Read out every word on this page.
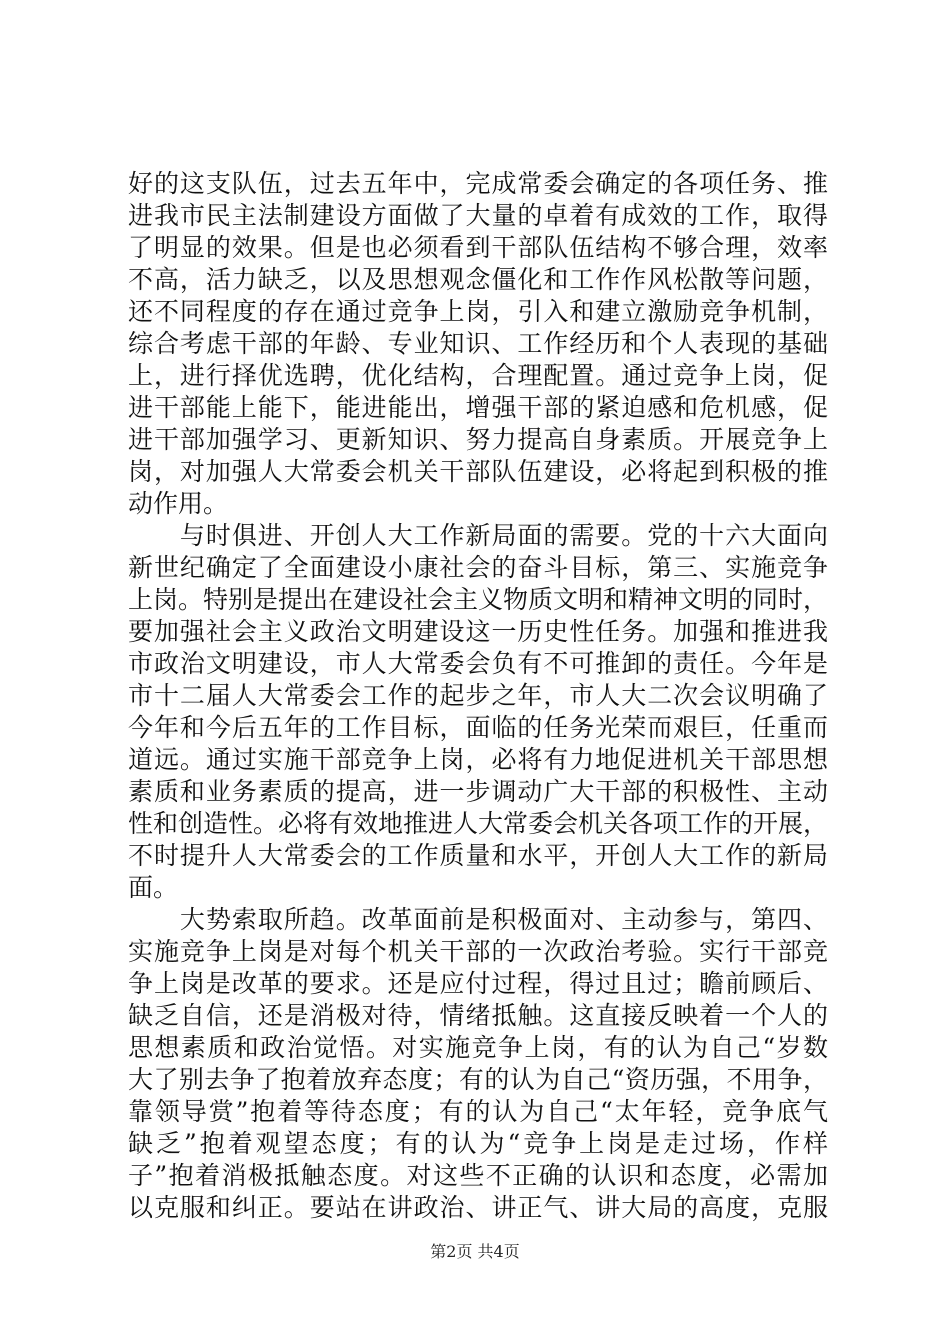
好的这支队伍，过去五年中，完成常委会确定的各项任务、推
进我市民主法制建设方面做了大量的卓着有成效的工作，取得
了明显的效果。但是也必须看到干部队伍结构不够合理，效率
不高，活力缺乏，以及思想观念僵化和工作作风松散等问题，
还不同程度的存在通过竞争上岗，引入和建立激励竞争机制，
综合考虑干部的年龄、专业知识、工作经历和个人表现的基础
上，进行择优选聘，优化结构，合理配置。通过竞争上岗，促
进干部能上能下，能进能出，增强干部的紧迫感和危机感，促
进干部加强学习、更新知识、努力提高自身素质。开展竞争上
岗，对加强人大常委会机关干部队伍建设，必将起到积极的推
动作用。
　　与时俱进、开创人大工作新局面的需要。党的十六大面向
新世纪确定了全面建设小康社会的奋斗目标，第三、实施竞争
上岗。特别是提出在建设社会主义物质文明和精神文明的同时，
要加强社会主义政治文明建设这一历史性任务。加强和推进我
市政治文明建设，市人大常委会负有不可推卸的责任。今年是
市十二届人大常委会工作的起步之年，市人大二次会议明确了
今年和今后五年的工作目标，面临的任务光荣而艰巨，任重而
道远。通过实施干部竞争上岗，必将有力地促进机关干部思想
素质和业务素质的提高，进一步调动广大干部的积极性、主动
性和创造性。必将有效地推进人大常委会机关各项工作的开展，
不时提升人大常委会的工作质量和水平，开创人大工作的新局
面。
　　大势索取所趋。改革面前是积极面对、主动参与，第四、
实施竞争上岗是对每个机关干部的一次政治考验。实行干部竞
争上岗是改革的要求。还是应付过程，得过且过；瞻前顾后、
缺乏自信，还是消极对待，情绪抵触。这直接反映着一个人的
思想素质和政治觉悟。对实施竞争上岗，有的认为自己“岁数
大了别去争了抱着放弃态度；有的认为自己“资历强，不用争，
靠领导赏”抱着等待态度；有的认为自己“太年轻，竞争底气
缺乏”抱着观望态度；有的认为“竞争上岗是走过场，作样
子”抱着消极抵触态度。对这些不正确的认识和态度，必需加
以克服和纠正。要站在讲政治、讲正气、讲大局的高度，克服
第2页 共4页
